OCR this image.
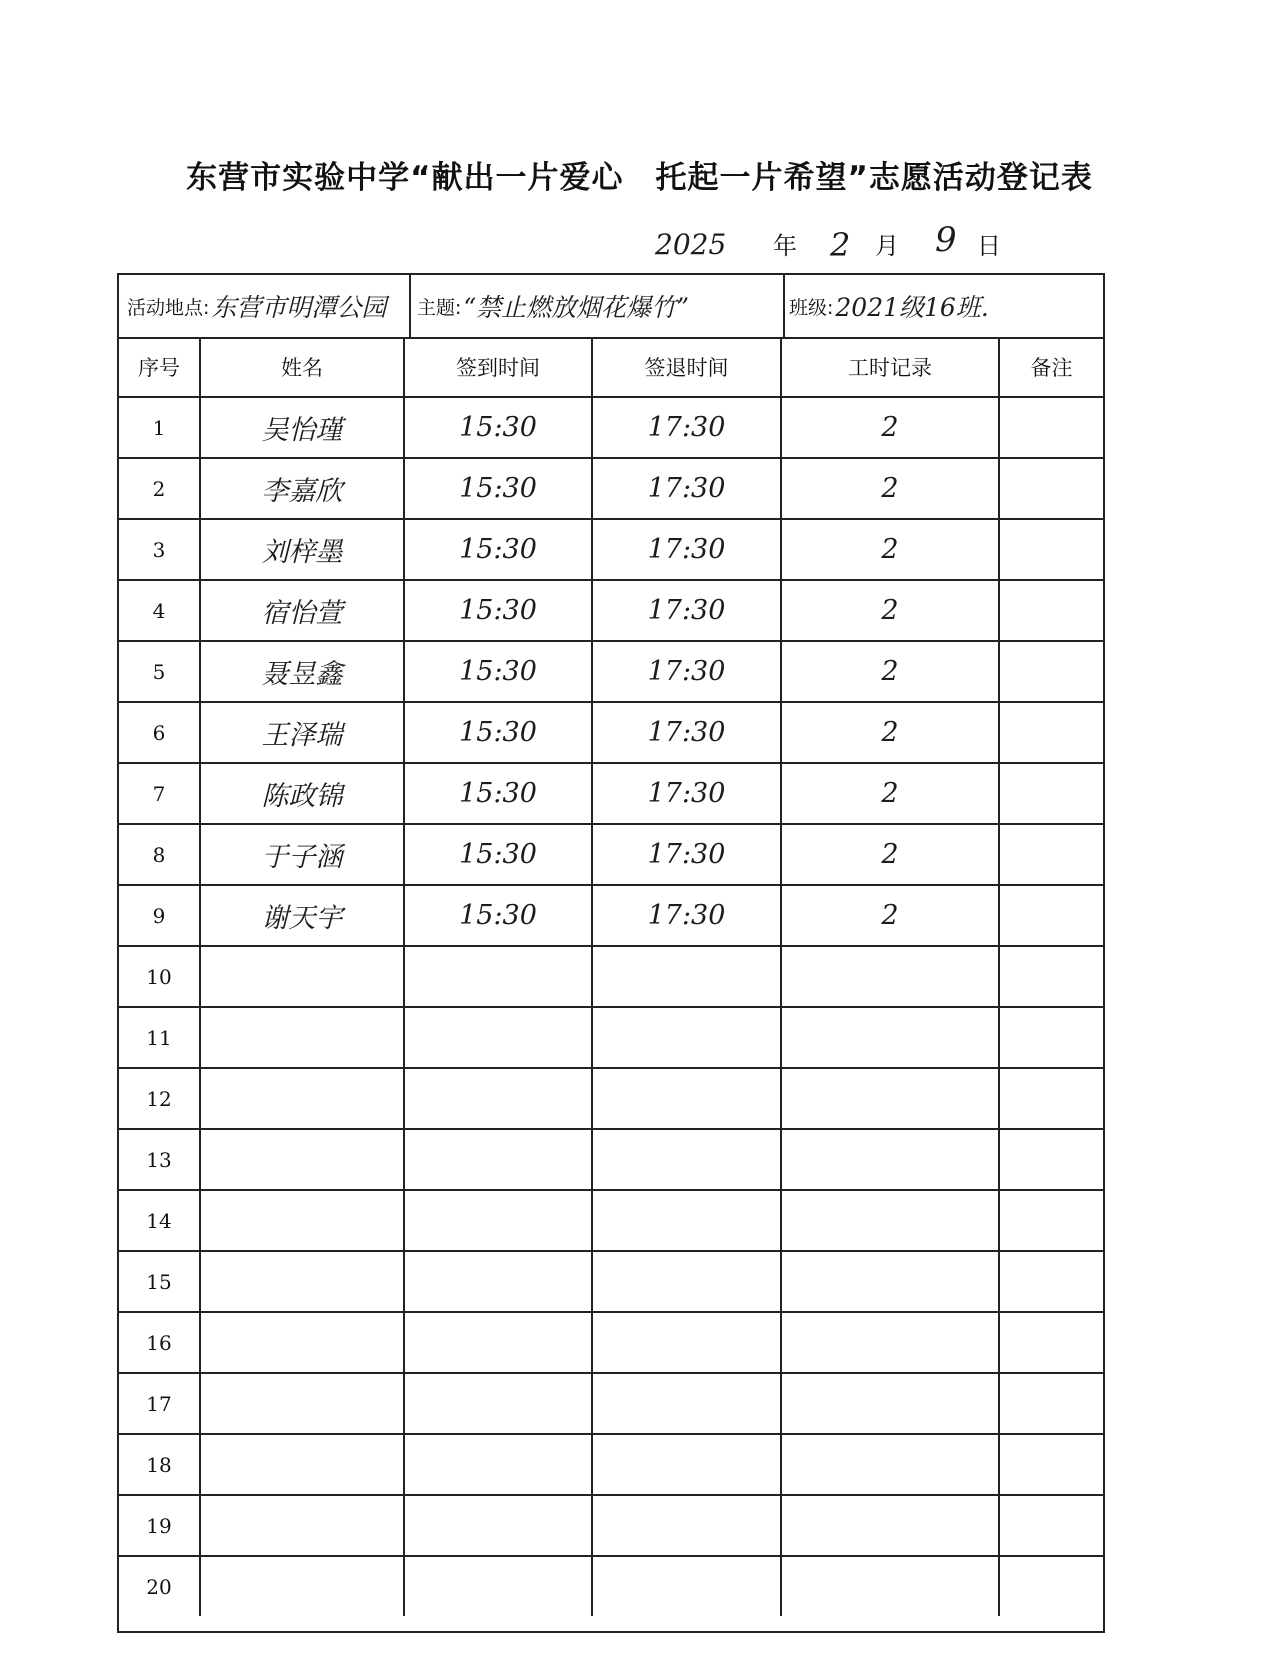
东营市实验中学“献出一片爱心　托起一片希望”志愿活动登记表
2025 年 2 月 9 日
活动地点: 东营市明潭公园 主题: “禁止燃放烟花爆竹”	班级: 2021级16班.
序号	姓名	签到时间	签退时间	工时记录	备注
1	吴怡瑾	15:30	17:30	2	
2	李嘉欣	15:30	17:30	2	
3	刘梓墨	15:30	17:30	2	
4	宿怡萱	15:30	17:30	2	
5	聂昱鑫	15:30	17:30	2	
6	王泽瑞	15:30	17:30	2	
7	陈政锦	15:30	17:30	2	
8	于子涵	15:30	17:30	2	
9	谢天宇	15:30	17:30	2	
10					
11					
12					
13					
14					
15					
16					
17					
18					
19					
20					
